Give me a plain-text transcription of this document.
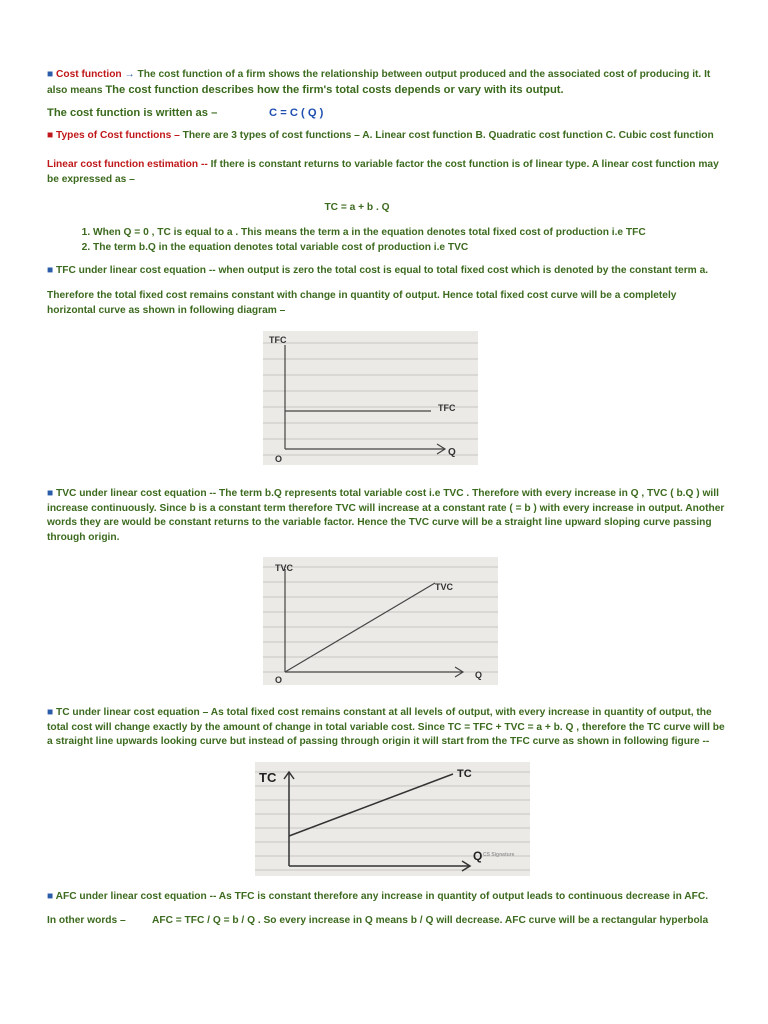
■ Cost function → The cost function of a firm shows the relationship between output produced and the associated cost of producing it. It also means The cost function describes how the firm's total costs depends or vary with its output.
The cost function is written as –	C = C ( Q )
■ Types of Cost functions – There are 3 types of cost functions – A. Linear cost function B. Quadratic cost function C. Cubic cost function
Linear cost function estimation -- If there is constant returns to variable factor the cost function is of linear type. A linear cost function may be expressed as –
TC = a + b . Q
1. When Q = 0 , TC is equal to a . This means the term a in the equation denotes total fixed cost of production i.e TFC
2. The term b.Q in the equation denotes total variable cost of production i.e TVC
■ TFC under linear cost equation -- when output is zero the total cost is equal to total fixed cost which is denoted by the constant term a.
Therefore the total fixed cost remains constant with change in quantity of output. Hence total fixed cost curve will be a completely horizontal curve as shown in following diagram –
■ TVC under linear cost equation -- The term b.Q represents total variable cost i.e TVC . Therefore with every increase in Q , TVC ( b.Q ) will increase continuously. Since b is a constant term therefore TVC will increase at a constant rate ( = b ) with every increase in output. Another words they are would be constant returns to the variable factor. Hence the TVC curve will be a straight line upward sloping curve passing through origin.
■ TC under linear cost equation – As total fixed cost remains constant at all levels of output, with every increase in quantity of output, the total cost will change exactly by the amount of change in total variable cost. Since TC = TFC + TVC = a + b. Q , therefore the TC curve will be a straight line upwards looking curve but instead of passing through origin it will start from the TFC curve as shown in following figure --
■ AFC under linear cost equation -- As TFC is constant therefore any increase in quantity of output leads to continuous decrease in AFC.
In other words –	AFC = TFC / Q = b / Q . So every increase in Q means b / Q will decrease. AFC curve will be a rectangular hyperbola
TFC
TFC
O
Q
TVC
TVC
O	Q
TC	TC
Q CS Signature
